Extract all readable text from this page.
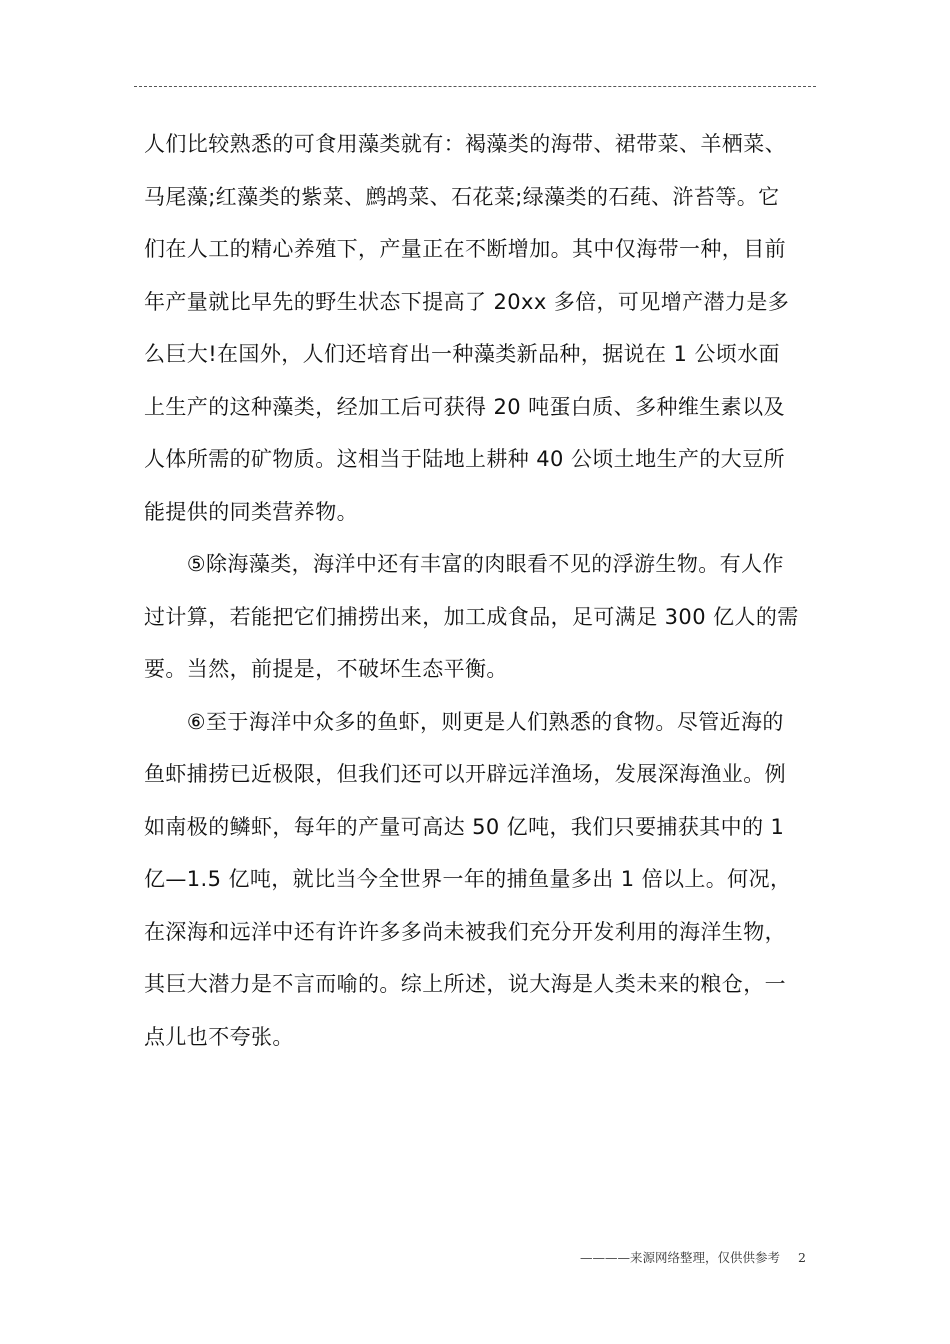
人们比较熟悉的可食用藻类就有：褐藻类的海带、裙带菜、羊栖菜、
马尾藻;红藻类的紫菜、鹧鸪菜、石花菜;绿藻类的石莼、浒苔等。它
们在人工的精心养殖下，产量正在不断增加。其中仅海带一种，目前
年产量就比早先的野生状态下提高了 20xx 多倍，可见增产潜力是多
么巨大!在国外，人们还培育出一种藻类新品种，据说在 1 公顷水面
上生产的这种藻类，经加工后可获得 20 吨蛋白质、多种维生素以及
人体所需的矿物质。这相当于陆地上耕种 40 公顷土地生产的大豆所
能提供的同类营养物。
　　⑤除海藻类，海洋中还有丰富的肉眼看不见的浮游生物。有人作
过计算，若能把它们捕捞出来，加工成食品，足可满足 300 亿人的需
要。当然，前提是，不破坏生态平衡。
　　⑥至于海洋中众多的鱼虾，则更是人们熟悉的食物。尽管近海的
鱼虾捕捞已近极限，但我们还可以开辟远洋渔场，发展深海渔业。例
如南极的鳞虾，每年的产量可高达 50 亿吨，我们只要捕获其中的 1
亿—1.5 亿吨，就比当今全世界一年的捕鱼量多出 1 倍以上。何况，
在深海和远洋中还有许许多多尚未被我们充分开发利用的海洋生物，
其巨大潜力是不言而喻的。综上所述，说大海是人类未来的粮仓，一
点儿也不夸张。
————来源网络整理，仅供供参考 2
